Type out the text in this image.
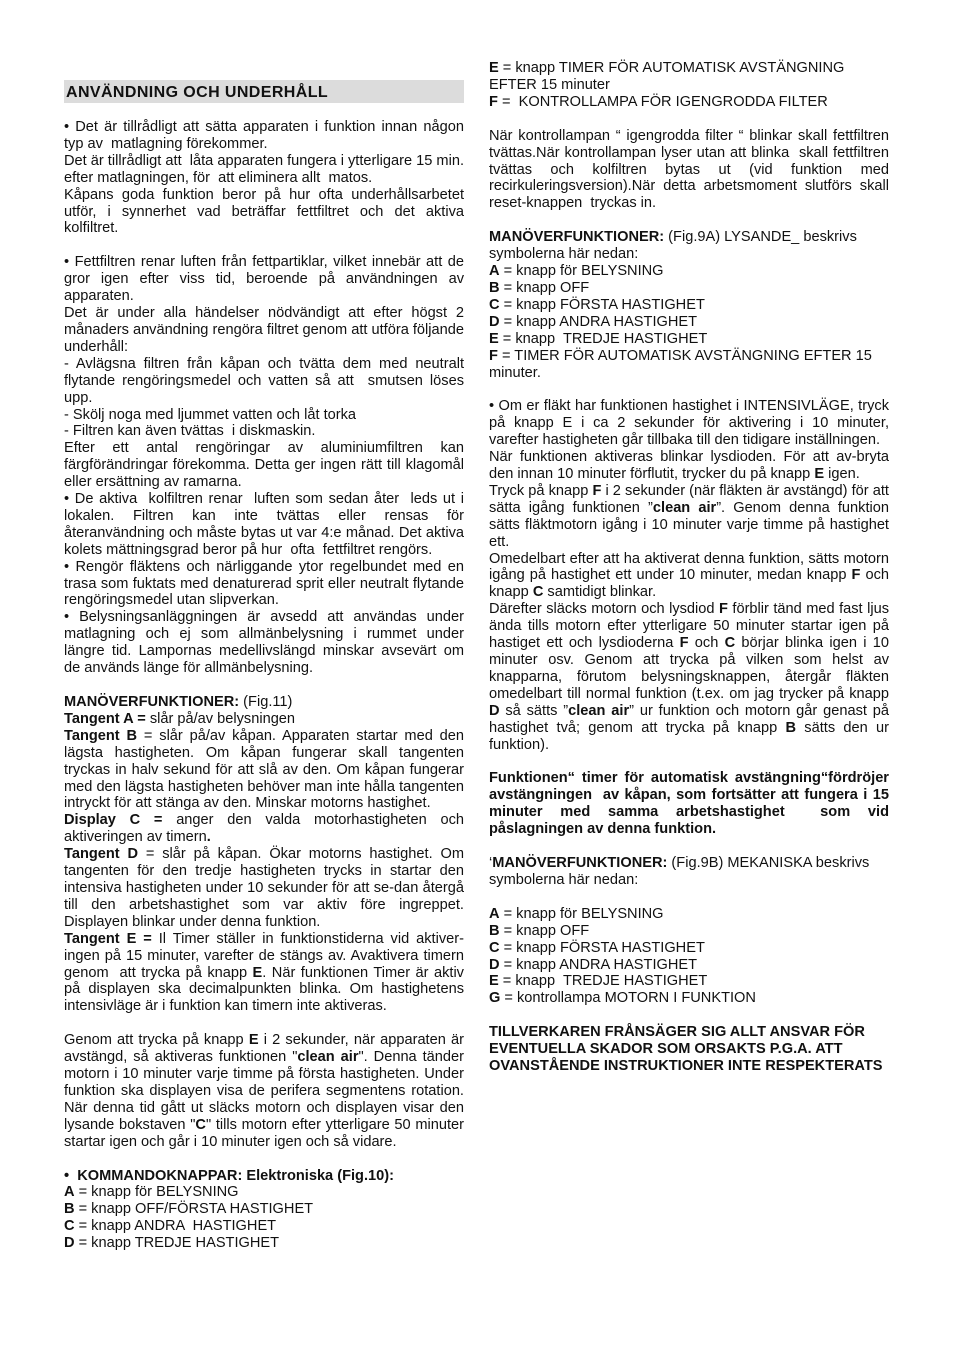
ANVÄNDNING OCH UNDERHÅLL

• Det är tillrådligt att sätta apparaten i funktion innan någon typ av  matlagning förekommer.
Det är tillrådligt att  låta apparaten fungera i ytterligare 15 min. efter matlagningen, för  att eliminera allt  matos.
Kåpans goda funktion beror på hur ofta underhållsarbetet utför, i synnerhet vad beträffar fettfiltret och det aktiva kolfiltret.

• Fettfiltren renar luften från fettpartiklar, vilket innebär att de gror igen efter viss tid, beroende på användningen av apparaten.
Det är under alla händelser nödvändigt att efter högst 2 månaders användning rengöra filtret genom att utföra följande underhåll:
- Avlägsna filtren från kåpan och tvätta dem med neutralt flytande rengöringsmedel och vatten så att  smutsen löses upp.
- Skölj noga med ljummet vatten och låt torka
- Filtren kan även tvättas  i diskmaskin.
Efter ett antal rengöringar av aluminiumfiltren kan färgförändringar förekomma. Detta ger ingen rätt till klagomål eller ersättning av ramarna.
• De aktiva  kolfiltren renar  luften som sedan åter  leds ut i lokalen. Filtren kan inte tvättas eller rensas för återanvändning och måste bytas ut var 4:e månad. Det aktiva kolets mättningsgrad beror på hur  ofta  fettfiltret rengörs.
• Rengör fläktens och närliggande ytor regelbundet med en trasa som fuktats med denaturerad sprit eller neutralt flytande rengöringsmedel utan slipverkan.
• Belysningsanläggningen är avsedd att användas under matlagning och ej som allmänbelysning i rummet under längre tid. Lampornas medellivslängd minskar avsevärt om de används länge för allmänbelysning.

MANÖVERFUNKTIONER: (Fig.11)
Tangent A = slår på/av belysningen
Tangent B = slår på/av kåpan. Apparaten startar med den lägsta hastigheten. Om kåpan fungerar skall tangenten tryckas in halv sekund för att slå av den. Om kåpan fungerar med den lägsta hastigheten behöver man inte hålla tangenten intryckt för att stänga av den. Minskar motorns hastighet.
Display C = anger den valda motorhastigheten och aktiveringen av timern.
Tangent D = slår på kåpan. Ökar motorns hastighet. Om tangenten för den tredje hastigheten trycks in startar den intensiva hastigheten under 10 sekunder för att se-dan återgå till den arbetshastighet som var aktiv före ingreppet. Displayen blinkar under denna funktion.
Tangent E = Il Timer ställer in funktionstiderna vid aktiver-ingen på 15 minuter, varefter de stängs av. Avaktivera timern genom  att trycka på knapp E. När funktionen Timer är aktiv på displayen ska decimalpunkten blinka. Om hastighetens intensivläge är i funktion kan timern inte aktiveras.

Genom att trycka på knapp E i 2 sekunder, när apparaten är avstängd, så aktiveras funktionen "clean air". Denna tänder motorn i 10 minuter varje timme på första hastigheten. Under funktion ska displayen visa de perifera segmentens rotation. När denna tid gått ut släcks motorn och displayen visar den lysande bokstaven "C" tills motorn efter ytterligare 50 minuter startar igen och går i 10 minuter igen och så vidare.

•  KOMMANDOKNAPPAR: Elektroniska (Fig.10):
A = knapp för BELYSNING
B = knapp OFF/FÖRSTA HASTIGHET
C = knapp ANDRA  HASTIGHET
D = knapp TREDJE HASTIGHET

E = knapp TIMER FÖR AUTOMATISK AVSTÄNGNING EFTER 15 minuter
F =  KONTROLLAMPA FÖR IGENGRODDA FILTER

När kontrollampan “ igengrodda filter “ blinkar skall fettfiltren tvättas.När kontrollampan lyser utan att blinka  skall fettfiltren tvättas och kolfiltren bytas ut (vid funktion med  recirkuleringsversion).När detta arbetsmoment slutförs skall reset-knappen  tryckas in.

MANÖVERFUNKTIONER: (Fig.9A) LYSANDE_ beskrivs symbolerna här nedan:
A = knapp för BELYSNING
B = knapp OFF
C = knapp FÖRSTA HASTIGHET
D = knapp ANDRA HASTIGHET
E = knapp  TREDJE HASTIGHET
F = TIMER FÖR AUTOMATISK AVSTÄNGNING EFTER 15 minuter.

• Om er fläkt har funktionen hastighet i INTENSIVLÄGE, tryck på knapp E i ca 2 sekunder för aktivering i 10 minuter, varefter hastigheten går tillbaka till den tidigare inställningen.
När funktionen aktiveras blinkar lysdioden. För att av-bryta den innan 10 minuter förflutit, trycker du på knapp E igen.
Tryck på knapp F i 2 sekunder (när fläkten är avstängd) för att sätta igång funktionen ”clean air”. Genom denna funktion sätts fläktmotorn igång i 10 minuter varje timme på hastighet ett.
Omedelbart efter att ha aktiverat denna funktion, sätts motorn igång på hastighet ett under 10 minuter, medan knapp F och knapp C samtidigt blinkar.
Därefter släcks motorn och lysdiod F förblir tänd med fast ljus ända tills motorn efter ytterligare 50 minuter startar igen på hastiget ett och lysdioderna F och C börjar blinka igen i 10 minuter osv. Genom att trycka på vilken som helst av knapparna, förutom belysningsknappen, återgår fläkten omedelbart till normal funktion (t.ex. om jag trycker på knapp D så sätts ”clean air” ur funktion och motorn går genast på hastighet två; genom att trycka på knapp B sätts den ur funktion).

Funktionen“ timer för automatisk avstängning“fördröjer avstängningen  av kåpan, som fortsätter att fungera i 15 minuter med samma arbetshastighet  som vid påslagningen av denna funktion.

‘MANÖVERFUNKTIONER: (Fig.9B) MEKANISKA beskrivs symbolerna här nedan:

A = knapp för BELYSNING
B = knapp OFF
C = knapp FÖRSTA HASTIGHET
D = knapp ANDRA HASTIGHET
E = knapp  TREDJE HASTIGHET
G = kontrollampa MOTORN I FUNKTION

TILLVERKAREN FRÅNSÄGER SIG ALLT ANSVAR FÖR EVENTUELLA SKADOR SOM ORSAKTS P.G.A. ATT OVANSTÅENDE INSTRUKTIONER INTE RESPEKTERATS
